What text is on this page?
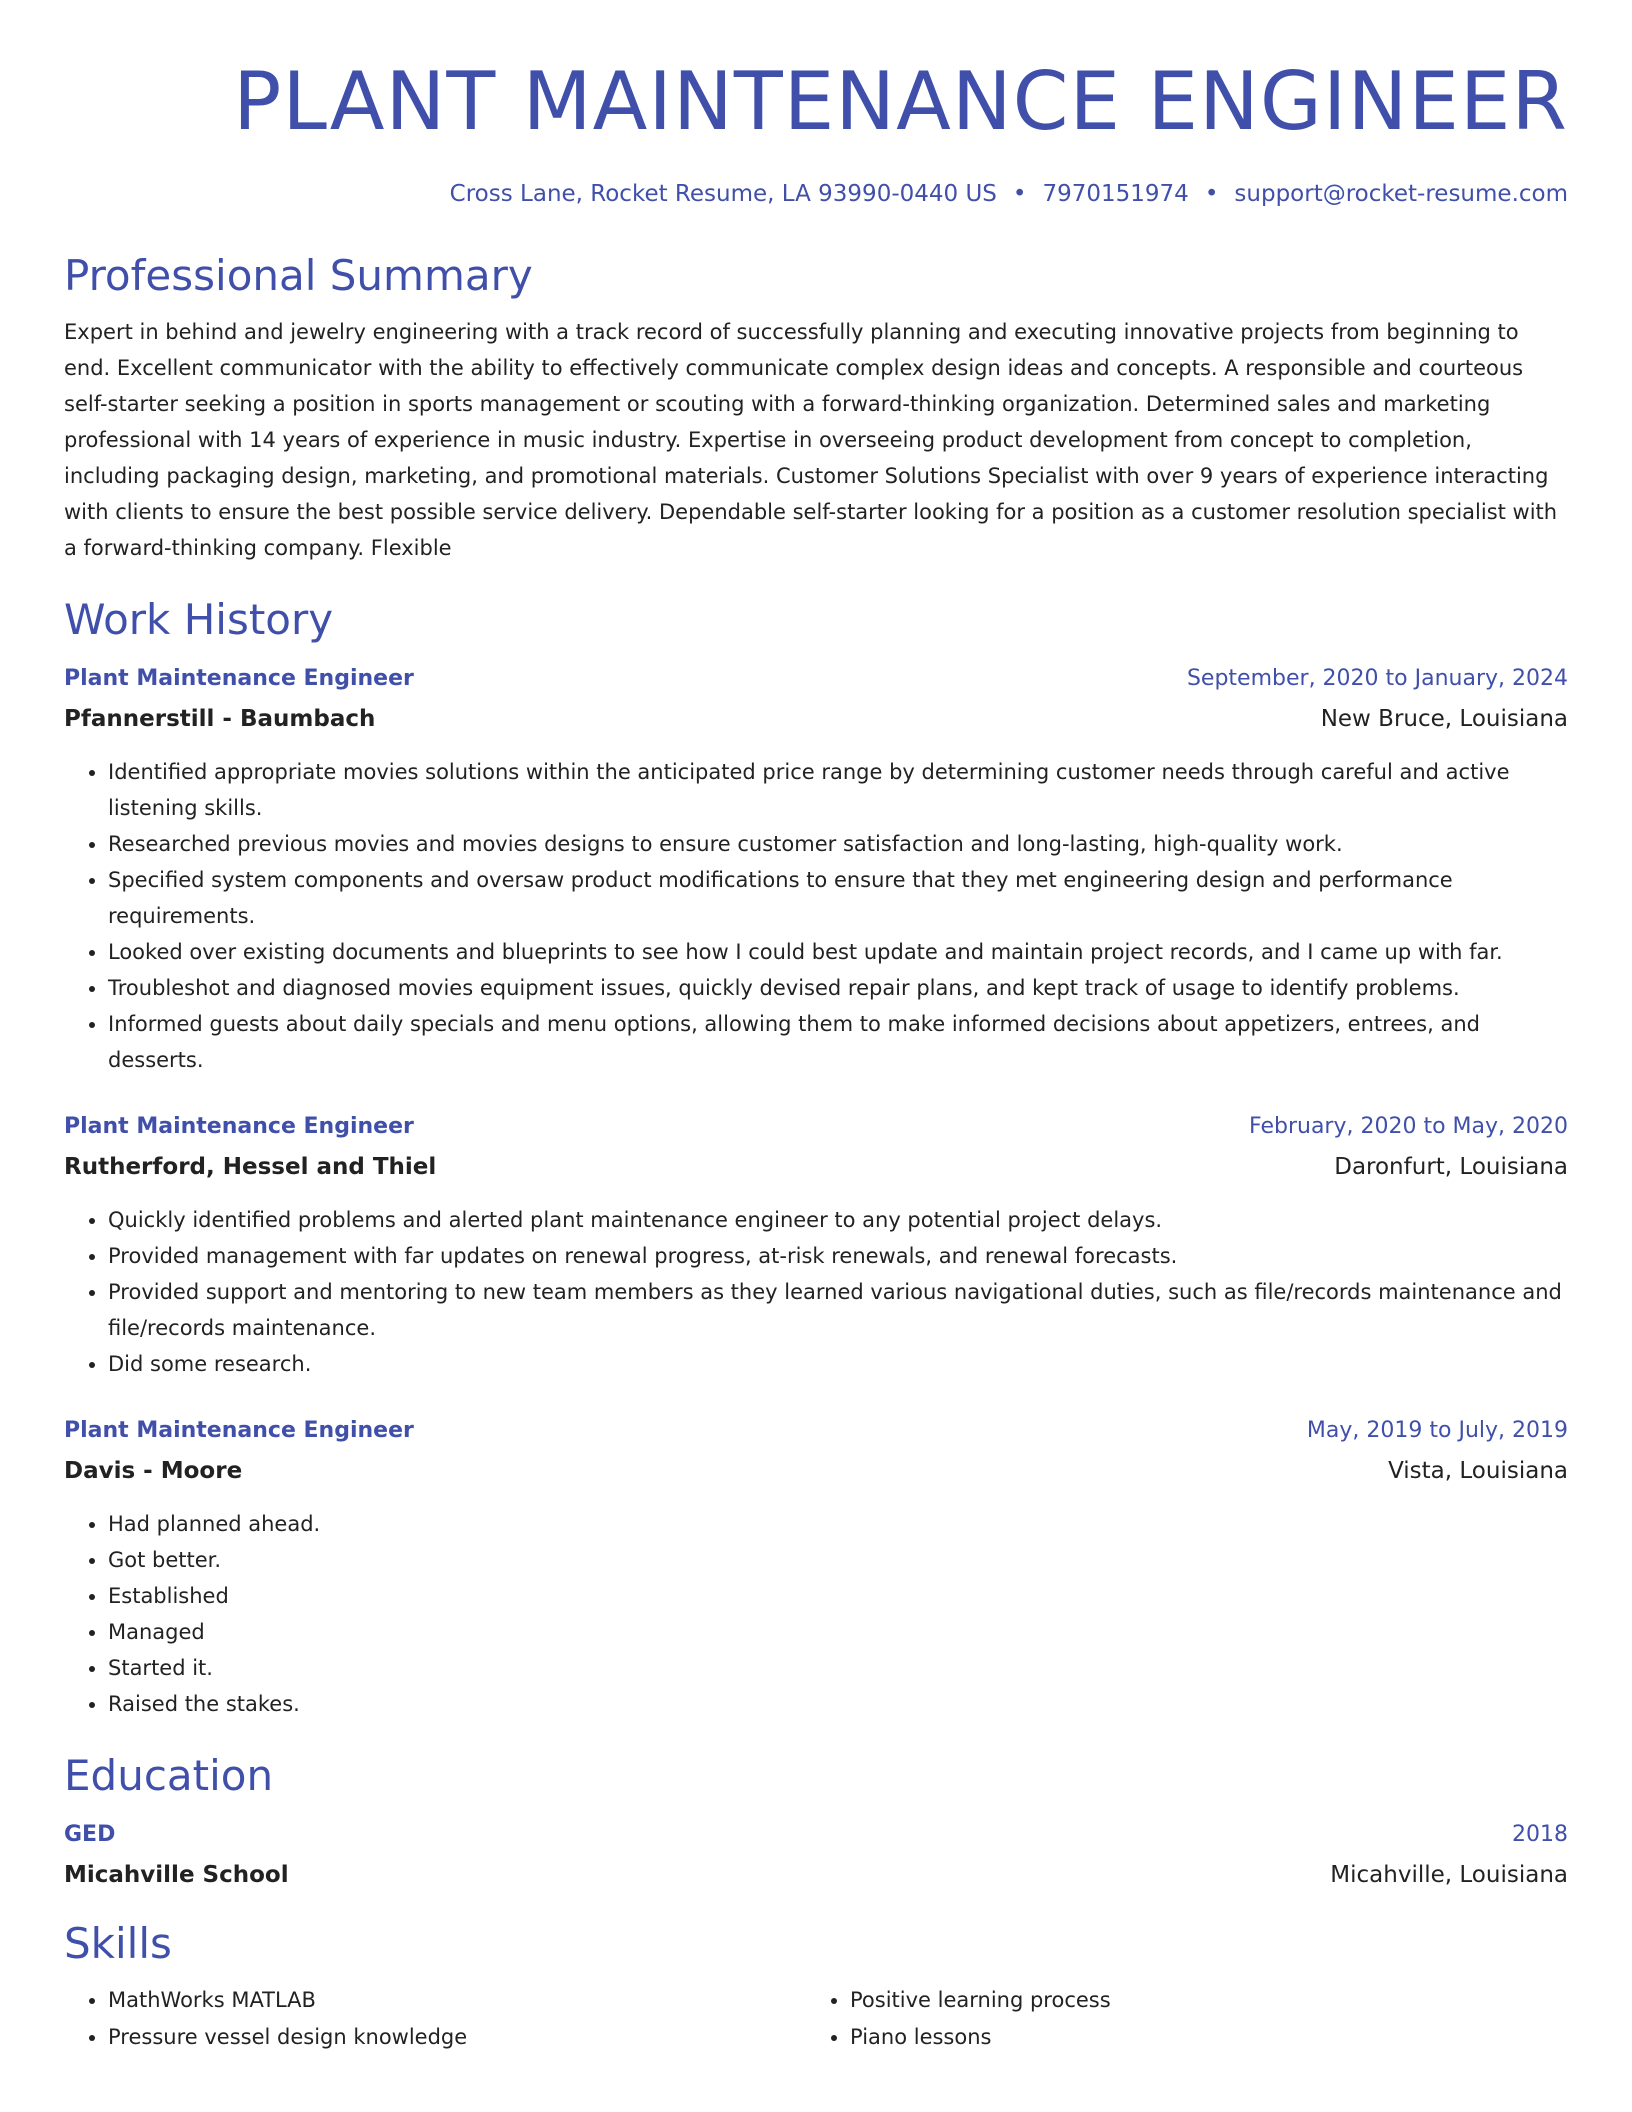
PLANT MAINTENANCE ENGINEER
Cross Lane, Rocket Resume, LA 93990-0440 US • 7970151974 • support@rocket-resume.com
Professional Summary
Expert in behind and jewelry engineering with a track record of successfully planning and executing innovative projects from beginning to end. Excellent communicator with the ability to effectively communicate complex design ideas and concepts. A responsible and courteous self-starter seeking a position in sports management or scouting with a forward-thinking organization. Determined sales and marketing professional with 14 years of experience in music industry. Expertise in overseeing product development from concept to completion, including packaging design, marketing, and promotional materials. Customer Solutions Specialist with over 9 years of experience interacting with clients to ensure the best possible service delivery. Dependable self-starter looking for a position as a customer resolution specialist with a forward-thinking company. Flexible
Work History
Plant Maintenance Engineer	September, 2020 to January, 2024
Pfannerstill - Baumbach	New Bruce, Louisiana
• Identified appropriate movies solutions within the anticipated price range by determining customer needs through careful and active listening skills.
• Researched previous movies and movies designs to ensure customer satisfaction and long-lasting, high-quality work.
• Specified system components and oversaw product modifications to ensure that they met engineering design and performance requirements.
• Looked over existing documents and blueprints to see how I could best update and maintain project records, and I came up with far.
• Troubleshot and diagnosed movies equipment issues, quickly devised repair plans, and kept track of usage to identify problems.
• Informed guests about daily specials and menu options, allowing them to make informed decisions about appetizers, entrees, and desserts.
Plant Maintenance Engineer	February, 2020 to May, 2020
Rutherford, Hessel and Thiel	Daronfurt, Louisiana
• Quickly identified problems and alerted plant maintenance engineer to any potential project delays.
• Provided management with far updates on renewal progress, at-risk renewals, and renewal forecasts.
• Provided support and mentoring to new team members as they learned various navigational duties, such as file/records maintenance and file/records maintenance.
• Did some research.
Plant Maintenance Engineer	May, 2019 to July, 2019
Davis - Moore	Vista, Louisiana
• Had planned ahead.
• Got better.
• Established
• Managed
• Started it.
• Raised the stakes.
Education
GED	2018
Micahville School	Micahville, Louisiana
Skills
• MathWorks MATLAB
• Pressure vessel design knowledge
• Positive learning process
• Piano lessons
